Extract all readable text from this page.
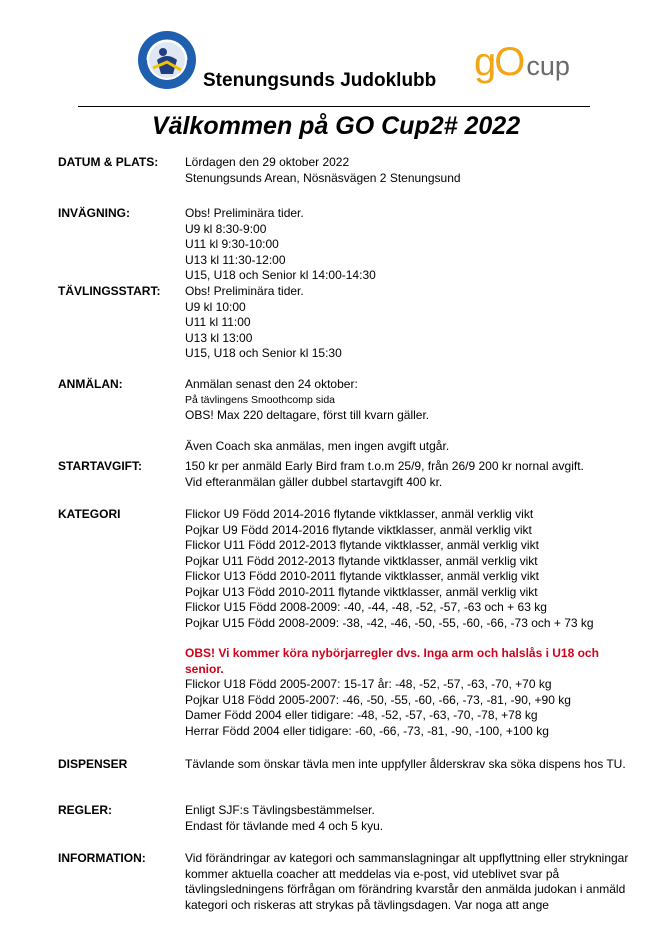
Stenungsunds Judoklubb gO cup
Välkommen på GO Cup2# 2022
DATUM & PLATS: Lördagen den 29 oktober 2022
Stenungsunds Arean, Nösnäsvägen 2 Stenungsund
INVÄGNING:	Obs! Preliminära tider.
U9 kl 8:30-9:00
U11 kl 9:30-10:00
U13 kl 11:30-12:00
U15, U18 och Senior kl 14:00-14:30
TÄVLINGSSTART: Obs! Preliminära tider.
U9 kl 10:00
U11 kl 11:00
U13 kl 13:00
U15, U18 och Senior kl 15:30
ANMÄLAN:	Anmälan senast den 24 oktober:
På tävlingens Smoothcomp sida
OBS! Max 220 deltagare, först till kvarn gäller.
Även Coach ska anmälas, men ingen avgift utgår.
STARTAVGIFT:	150 kr per anmäld Early Bird fram t.o.m 25/9, från 26/9 200 kr nornal avgift.
Vid efteranmälan gäller dubbel startavgift 400 kr.
KATEGORI	Flickor U9 Född 2014-2016 flytande viktklasser, anmäl verklig vikt
Pojkar U9 Född 2014-2016 flytande viktklasser, anmäl verklig vikt
Flickor U11 Född 2012-2013 flytande viktklasser, anmäl verklig vikt
Pojkar U11 Född 2012-2013 flytande viktklasser, anmäl verklig vikt
Flickor U13 Född 2010-2011 flytande viktklasser, anmäl verklig vikt
Pojkar U13 Född 2010-2011 flytande viktklasser, anmäl verklig vikt
Flickor U15 Född 2008-2009: -40, -44, -48, -52, -57, -63 och + 63 kg
Pojkar U15 Född 2008-2009: -38, -42, -46, -50, -55, -60, -66, -73 och + 73 kg
OBS! Vi kommer köra nybörjarregler dvs. Inga arm och halslås i U18 och senior.
Flickor U18 Född 2005-2007: 15-17 år: -48, -52, -57, -63, -70, +70 kg
Pojkar U18 Född 2005-2007: -46, -50, -55, -60, -66, -73, -81, -90, +90 kg
Damer Född 2004 eller tidigare: -48, -52, -57, -63, -70, -78, +78 kg
Herrar Född 2004 eller tidigare: -60, -66, -73, -81, -90, -100, +100 kg
DISPENSER	Tävlande som önskar tävla men inte uppfyller ålderskrav ska söka dispens hos TU.
REGLER:	Enligt SJF:s Tävlingsbestämmelser.
Endast för tävlande med 4 och 5 kyu.
INFORMATION:	Vid förändringar av kategori och sammanslagningar alt uppflyttning eller strykningar kommer aktuella coacher att meddelas via e-post, vid uteblivet svar på tävlingsledningens förfrågan om förändring kvarstår den anmälda judokan i anmäld kategori och riskeras att strykas på tävlingsdagen. Var noga att ange
